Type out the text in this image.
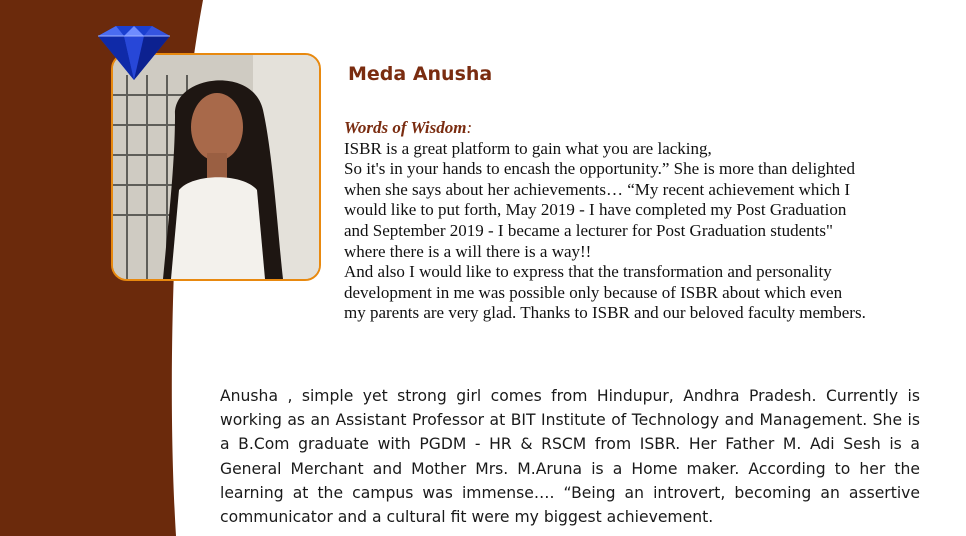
Meda Anusha
Words of Wisdom:
ISBR is a great platform to gain what you are lacking,
So it's in your hands to encash the opportunity.” She is more than delighted
when she says about her achievements… “My recent achievement which I
would like to put forth, May 2019 - I have completed my Post Graduation
and September 2019 - I became a lecturer for Post Graduation students"
where there is a will there is a way!!
And also I would like to express that the transformation and personality
development in me was possible only because of ISBR about which even
my parents are very glad. Thanks to ISBR and our beloved faculty members.
Anusha , simple yet strong girl comes from Hindupur, Andhra Pradesh. Currently is
working as an Assistant Professor at BIT Institute of Technology and Management. She is
a B.Com graduate with PGDM - HR & RSCM from ISBR. Her Father M. Adi Sesh is a
General Merchant and Mother Mrs. M.Aruna is a Home maker. According to her the
learning at the campus was immense…. “Being an introvert, becoming an assertive
communicator and a cultural fit were my biggest achievement.
